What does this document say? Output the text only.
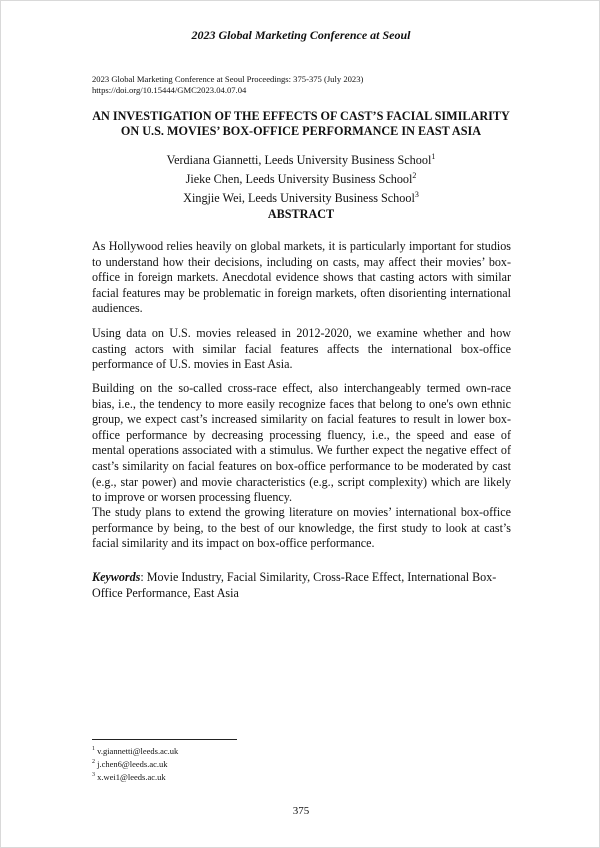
2023 Global Marketing Conference at Seoul
2023 Global Marketing Conference at Seoul Proceedings: 375-375 (July 2023)
https://doi.org/10.15444/GMC2023.04.07.04
AN INVESTIGATION OF THE EFFECTS OF CAST’S FACIAL SIMILARITY
ON U.S. MOVIES’ BOX-OFFICE PERFORMANCE IN EAST ASIA
Verdiana Giannetti, Leeds University Business School$^1$
Jieke Chen, Leeds University Business School$^2$
Xingjie Wei, Leeds University Business School$^3$
ABSTRACT

As Hollywood relies heavily on global markets, it is particularly important for studios to understand how their decisions, including on casts, may affect their movies’ box-office in foreign markets. Anecdotal evidence shows that casting actors with similar facial features may be problematic in foreign markets, often disorienting international audiences.

Using data on U.S. movies released in 2012-2020, we examine whether and how casting actors with similar facial features affects the international box-office performance of U.S. movies in East Asia.

Building on the so-called cross-race effect, also interchangeably termed own-race bias, i.e., the tendency to more easily recognize faces that belong to one's own ethnic group, we expect cast’s increased similarity on facial features to result in lower box-office performance by decreasing processing fluency, i.e., the speed and ease of mental operations associated with a stimulus. We further expect the negative effect of cast’s similarity on facial features on box-office performance to be moderated by cast (e.g., star power) and movie characteristics (e.g., script complexity) which are likely to improve or worsen processing fluency.

The study plans to extend the growing literature on movies’ international box-office performance by being, to the best of our knowledge, the first study to look at cast’s facial similarity and its impact on box-office performance.

Keywords: Movie Industry, Facial Similarity, Cross-Race Effect, International Box-Office Performance, East Asia

$^1$ v.giannetti@leeds.ac.uk
$^2$ j.chen6@leeds.ac.uk
$^3$ x.wei1@leeds.ac.uk
375
